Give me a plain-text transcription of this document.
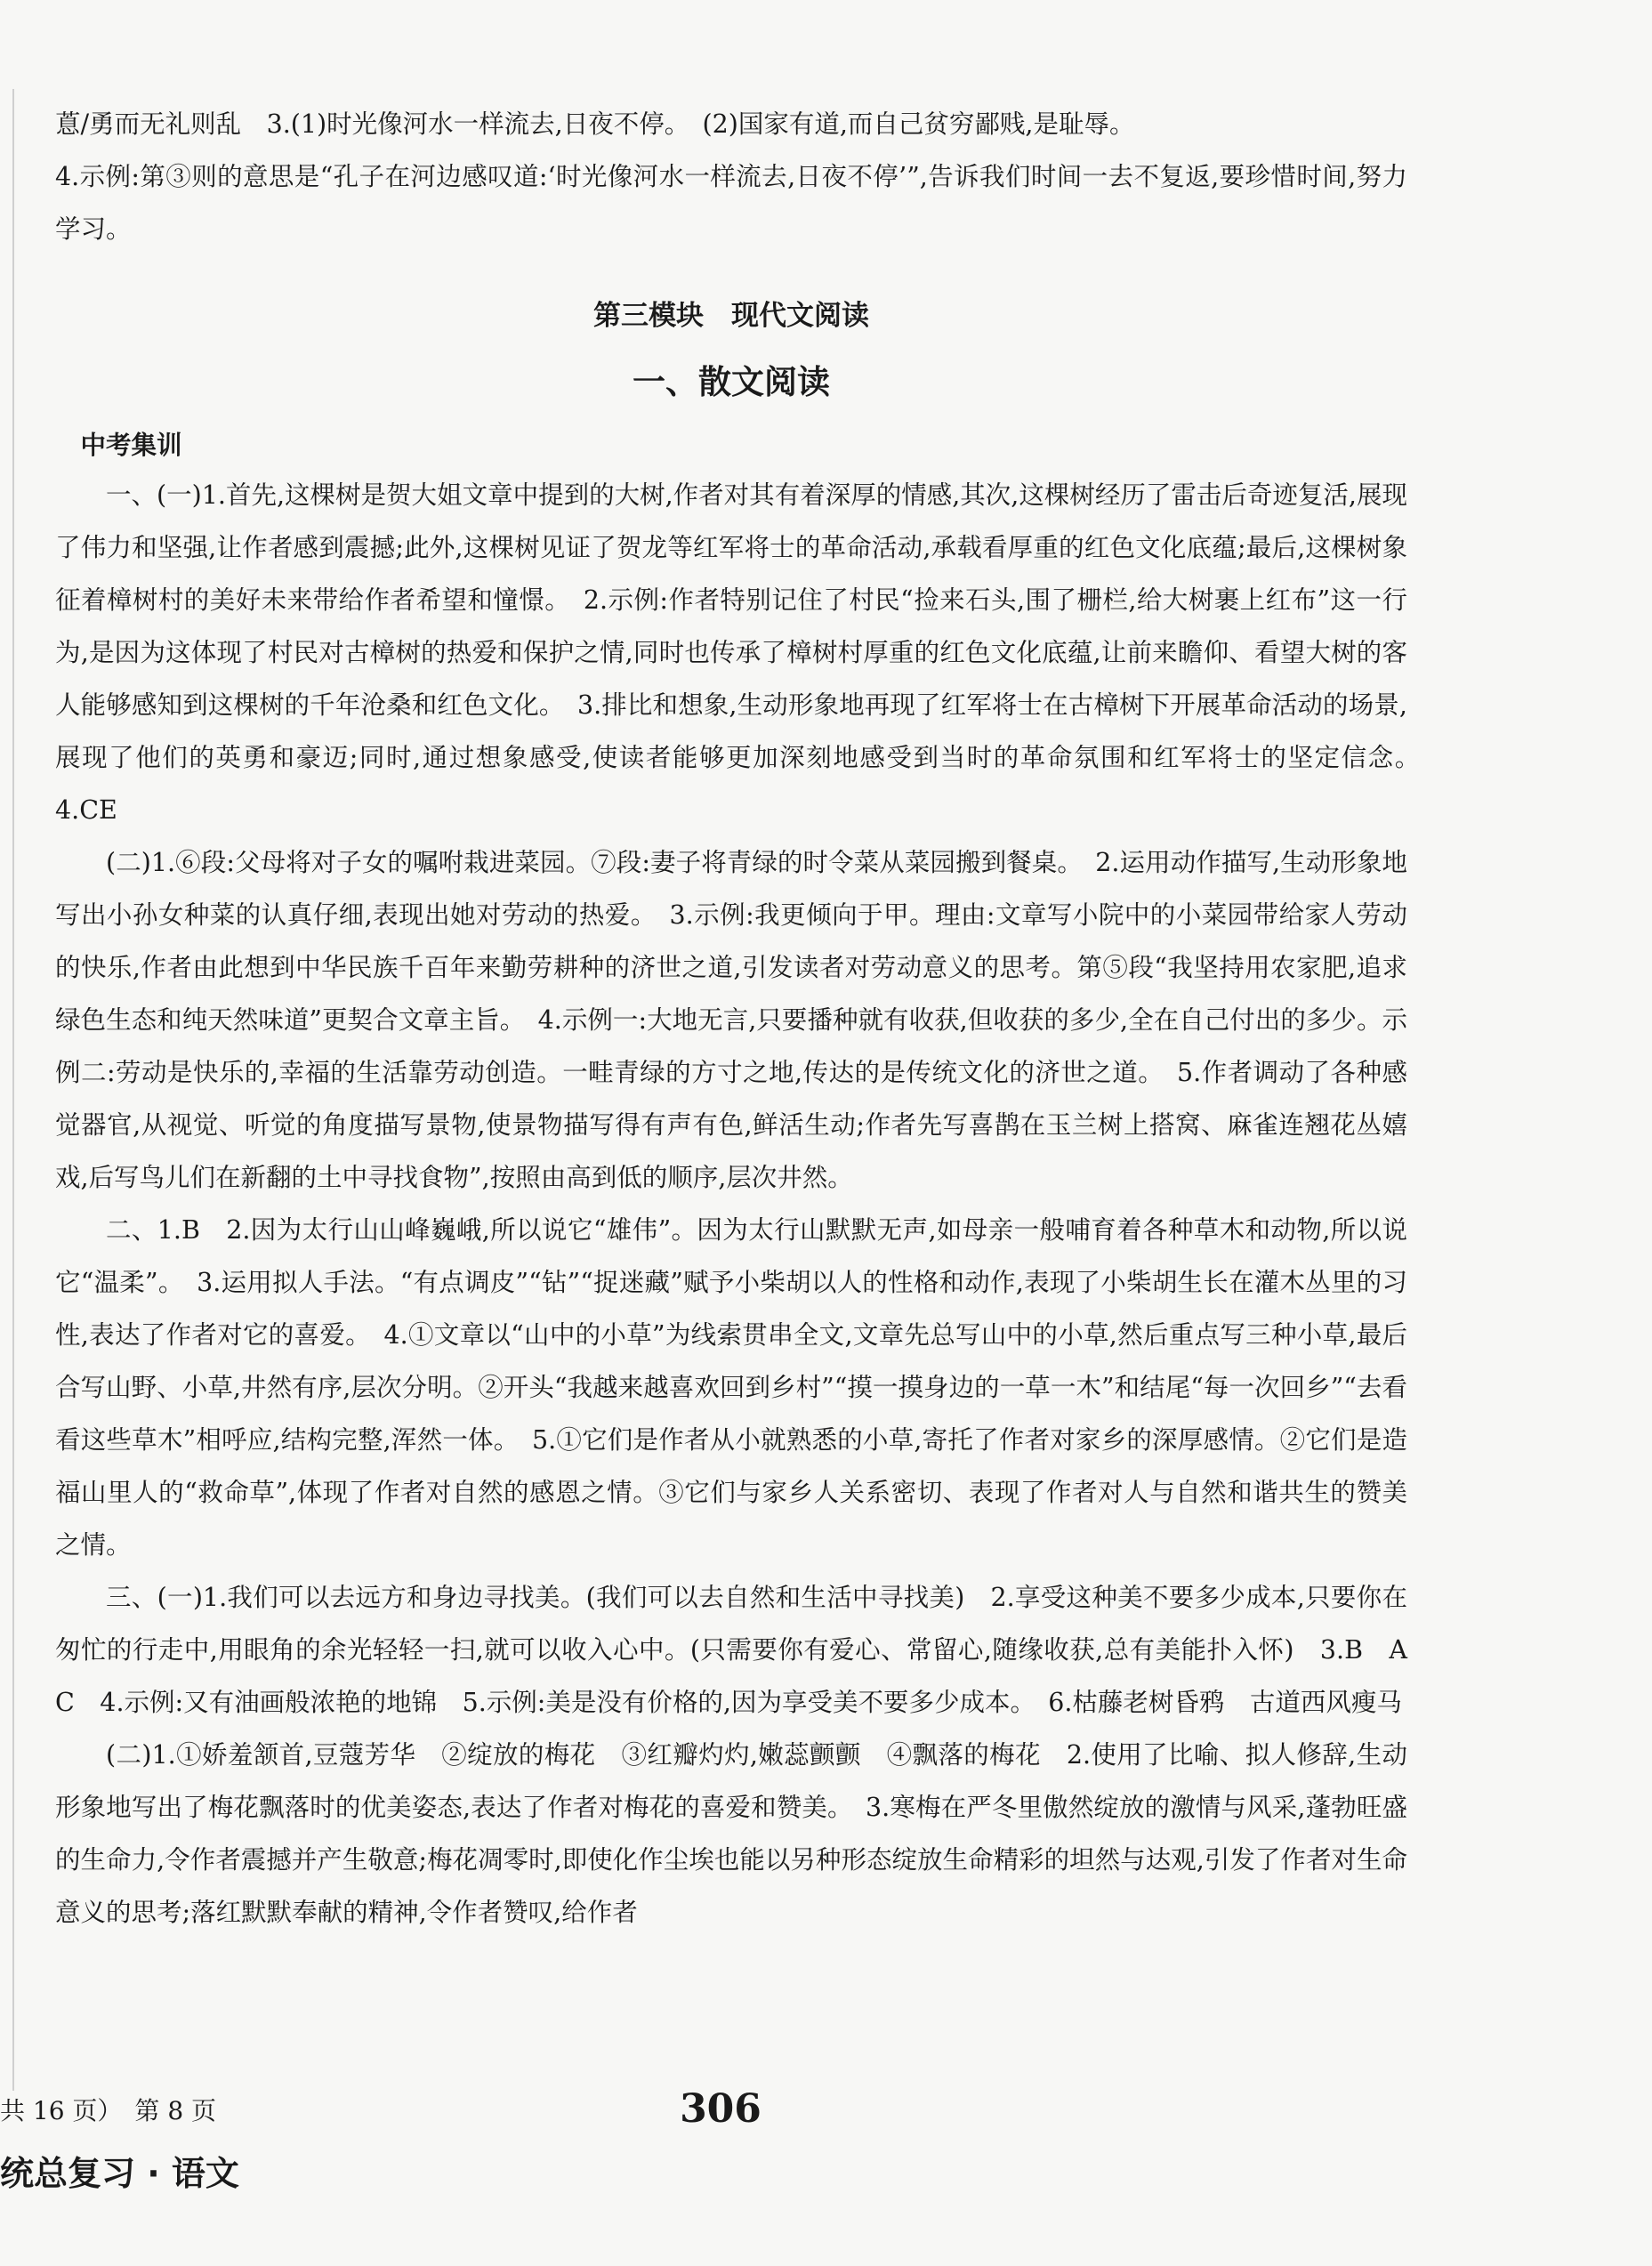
蒠/勇而无礼则乱　3.(1)时光像河水一样流去,日夜不停。　(2)国家有道,而自己贫穷鄙贱,是耻辱。

4.示例:第③则的意思是“孔子在河边感叹道:‘时光像河水一样流去,日夜不停’”,告诉我们时间一去不复返,要珍惜时间,努力学习。

第三模块　现代文阅读
一、散文阅读
中考集训

一、(一)1.首先,这棵树是贺大姐文章中提到的大树,作者对其有着深厚的情感,其次,这棵树经历了雷击后奇迹复活,展现了伟力和坚强,让作者感到震撼;此外,这棵树见证了贺龙等红军将士的革命活动,承载看厚重的红色文化底蕴;最后,这棵树象征着樟树村的美好未来带给作者希望和憧憬。　2.示例:作者特别记住了村民“捡来石头,围了栅栏,给大树裹上红布”这一行为,是因为这体现了村民对古樟树的热爱和保护之情,同时也传承了樟树村厚重的红色文化底蕴,让前来瞻仰、看望大树的客人能够感知到这棵树的千年沧桑和红色文化。　3.排比和想象,生动形象地再现了红军将士在古樟树下开展革命活动的场景,展现了他们的英勇和豪迈;同时,通过想象感受,使读者能够更加深刻地感受到当时的革命氛围和红军将士的坚定信念。　4.CE

(二)1.⑥段:父母将对子女的嘱咐栽进菜园。⑦段:妻子将青绿的时令菜从菜园搬到餐桌。　2.运用动作描写,生动形象地写出小孙女种菜的认真仔细,表现出她对劳动的热爱。　3.示例:我更倾向于甲。理由:文章写小院中的小菜园带给家人劳动的快乐,作者由此想到中华民族千百年来勤劳耕种的济世之道,引发读者对劳动意义的思考。第⑤段“我坚持用农家肥,追求绿色生态和纯天然味道”更契合文章主旨。　4.示例一:大地无言,只要播种就有收获,但收获的多少,全在自己付出的多少。示例二:劳动是快乐的,幸福的生活靠劳动创造。一畦青绿的方寸之地,传达的是传统文化的济世之道。　5.作者调动了各种感觉器官,从视觉、听觉的角度描写景物,使景物描写得有声有色,鲜活生动;作者先写喜鹊在玉兰树上搭窝、麻雀连翘花丛嬉戏,后写鸟儿们在新翻的土中寻找食物”,按照由高到低的顺序,层次井然。

二、1.B　2.因为太行山山峰巍峨,所以说它“雄伟”。因为太行山默默无声,如母亲一般哺育着各种草木和动物,所以说它“温柔”。　3.运用拟人手法。“有点调皮”“钻”“捉迷藏”赋予小柴胡以人的性格和动作,表现了小柴胡生长在灌木丛里的习性,表达了作者对它的喜爱。　4.①文章以“山中的小草”为线索贯串全文,文章先总写山中的小草,然后重点写三种小草,最后合写山野、小草,井然有序,层次分明。②开头“我越来越喜欢回到乡村”“摸一摸身边的一草一木”和结尾“每一次回乡”“去看看这些草木”相呼应,结构完整,浑然一体。　5.①它们是作者从小就熟悉的小草,寄托了作者对家乡的深厚感情。②它们是造福山里人的“救命草”,体现了作者对自然的感恩之情。③它们与家乡人关系密切、表现了作者对人与自然和谐共生的赞美之情。

三、(一)1.我们可以去远方和身边寻找美。(我们可以去自然和生活中寻找美)　2.享受这种美不要多少成本,只要你在匆忙的行走中,用眼角的余光轻轻一扫,就可以收入心中。(只需要你有爱心、常留心,随缘收获,总有美能扑入怀)　3.B　A　C　4.示例:又有油画般浓艳的地锦　5.示例:美是没有价格的,因为享受美不要多少成本。　6.枯藤老树昏鸦　古道西风瘦马

(二)1.①娇羞颔首,豆蔻芳华　②绽放的梅花　③红瓣灼灼,嫩蕊颤颤　④飘落的梅花　2.使用了比喻、拟人修辞,生动形象地写出了梅花飘落时的优美姿态,表达了作者对梅花的喜爱和赞美。　3.寒梅在严冬里傲然绽放的激情与风采,蓬勃旺盛的生命力,令作者震撼并产生敬意;梅花凋零时,即使化作尘埃也能以另种形态绽放生命精彩的坦然与达观,引发了作者对生命意义的思考;落红默默奉献的精神,令作者赞叹,给作者

共 16 页）　第 8 页	306
统总复习 · 语文
